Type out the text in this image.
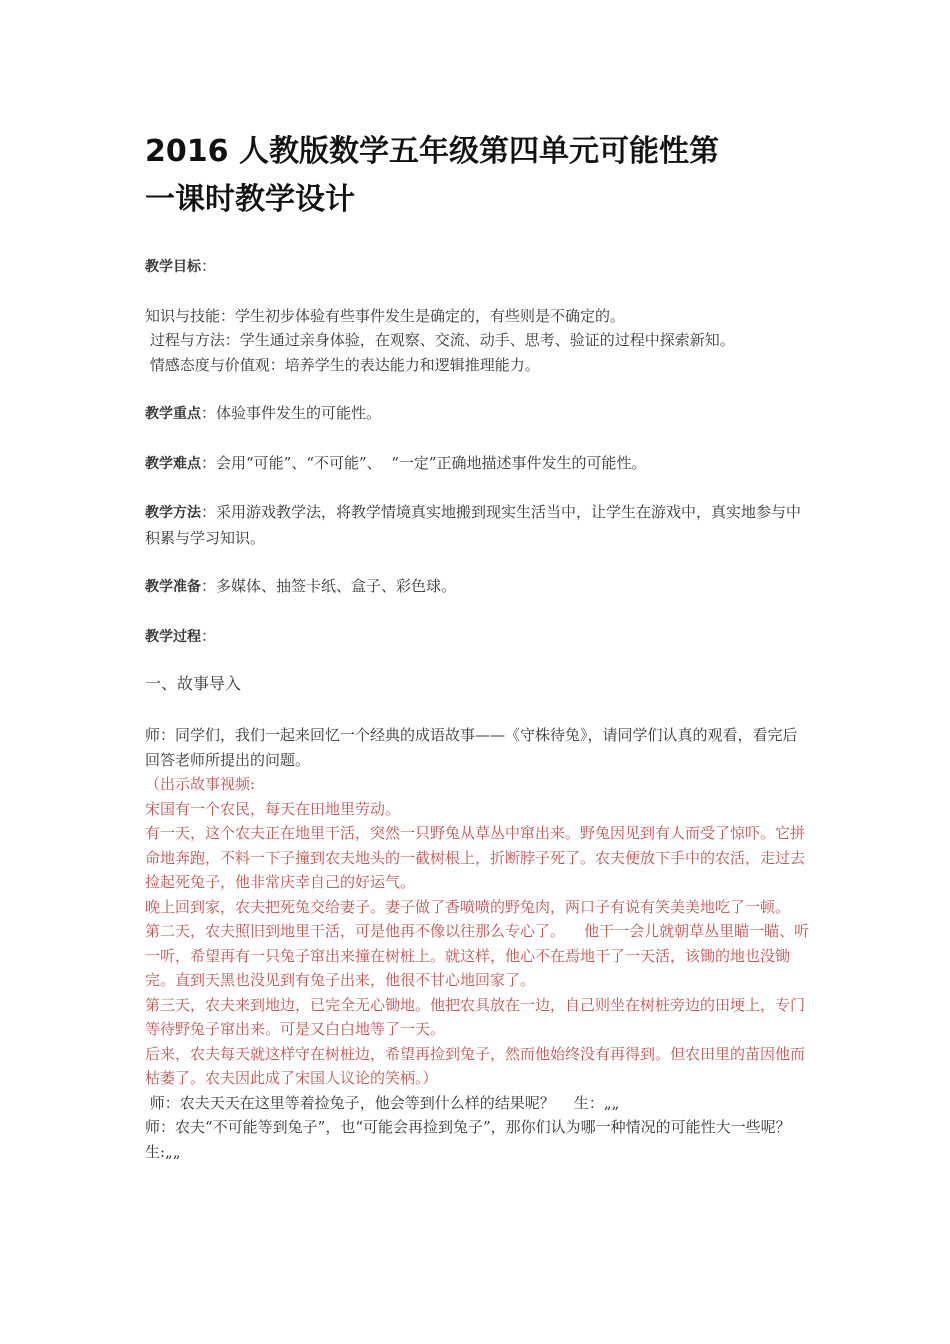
2016 人教版数学五年级第四单元可能性第
一课时教学设计

教学目标：

知识与技能：学生初步体验有些事件发生是确定的，有些则是不确定的。

过程与方法：学生通过亲身体验，在观察、交流、动手、思考、验证的过程中探索新知。

情感态度与价值观：培养学生的表达能力和逻辑推理能力。

教学重点：体验事件发生的可能性。

教学难点：会用“可能”、“不可能”、  “一定”正确地描述事件发生的可能性。

教学方法：采用游戏教学法，将教学情境真实地搬到现实生活当中，让学生在游戏中，真实地参与中积累与学习知识。

教学准备：多媒体、抽签卡纸、盒子、彩色球。

教学过程：

一、故事导入

师：同学们，我们一起来回忆一个经典的成语故事——《守株待兔》，请同学们认真的观看，看完后回答老师所提出的问题。

（出示故事视频:

宋国有一个农民，每天在田地里劳动。

有一天，这个农夫正在地里干活，突然一只野兔从草丛中窜出来。野兔因见到有人而受了惊吓。它拼命地奔跑，不料一下子撞到农夫地头的一截树根上，折断脖子死了。农夫便放下手中的农活，走过去捡起死兔子，他非常庆幸自己的好运气。

晚上回到家，农夫把死兔交给妻子。妻子做了香喷喷的野兔肉，两口子有说有笑美美地吃了一顿。

第二天，农夫照旧到地里干活，可是他再不像以往那么专心了。    他干一会儿就朝草丛里瞄一瞄、听一听，希望再有一只兔子窜出来撞在树桩上。就这样，他心不在焉地干了一天活，该锄的地也没锄完。直到天黑也没见到有兔子出来，他很不甘心地回家了。

第三天，农夫来到地边，已完全无心锄地。他把农具放在一边，自己则坐在树桩旁边的田埂上，专门等待野兔子窜出来。可是又白白地等了一天。

后来，农夫每天就这样守在树桩边，希望再捡到兔子，然而他始终没有再得到。但农田里的苗因他而枯萎了。农夫因此成了宋国人议论的笑柄。）

师：农夫天天在这里等着捡兔子，他会等到什么样的结果呢？    生：„„

师：农夫“不可能等到兔子”，也“可能会再捡到兔子”，那你们认为哪一种情况的可能性大一些呢？

生:„„
